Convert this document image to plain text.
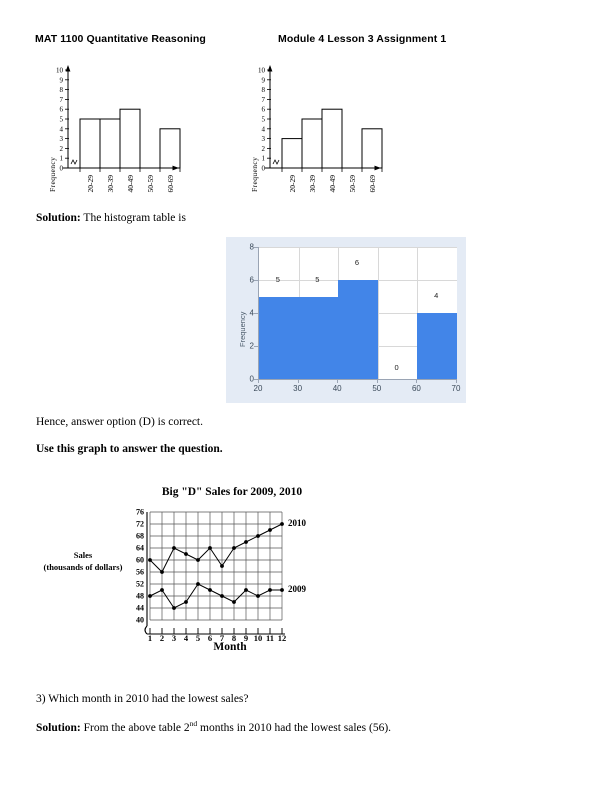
MAT 1100 Quantitative Reasoning	Module 4 Lesson 3 Assignment 1
Frequency 0
1
2
3
4
5
6
7
8
9
10
20-29 30-39 40-49 50-59 60-69	Frequency 0
1
2
3
4
5
6
7
8
9
10
20-29 30-39 40-49 50-59 60-69
Solution: The histogram table is
Frequency
0
2
4
6
8
5	5
6
0
4
20	30	40	50	60	70
Hence, answer option (D) is correct.
Use this graph to answer the question.
Sales
(thousands of dollars)
Big "D" Sales for 2009, 2010
76
72
68
64
60
56
52
48
44
40
1 2 3 4 5 6 7 8 9 10 11 12
2010
2009
Month
3) Which month in 2010 had the lowest sales?
Solution: From the above table 2nd months in 2010 had the lowest sales (56).
